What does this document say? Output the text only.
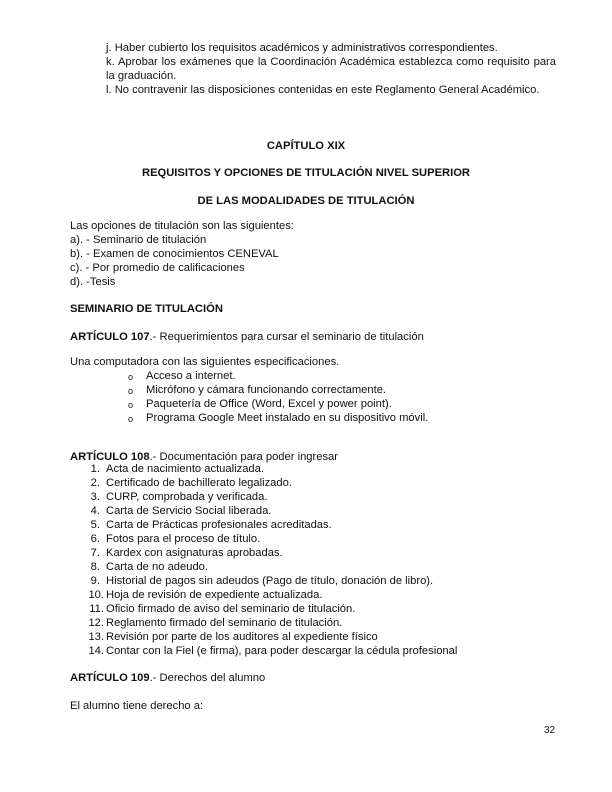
j. Haber cubierto los requisitos académicos y administrativos correspondientes.
k. Aprobar los exámenes que la Coordinación Académica establezca como requisito para la graduación.
l. No contravenir las disposiciones contenidas en este Reglamento General Académico.
CAPÍTULO XIX
REQUISITOS Y OPCIONES DE TITULACIÓN NIVEL SUPERIOR
DE LAS MODALIDADES DE TITULACIÓN
Las opciones de titulación son las siguientes:
a). - Seminario de titulación
b). - Examen de conocimientos CENEVAL
c). - Por promedio de calificaciones
d). -Tesis
SEMINARIO DE TITULACIÓN
ARTÍCULO 107.- Requerimientos para cursar el seminario de titulación
Una computadora con las siguientes especificaciones.
o Acceso a internet.
o Micrófono y cámara funcionando correctamente.
o Paquetería de Office (Word, Excel y power point).
o Programa Google Meet instalado en su dispositivo móvil.
ARTÍCULO 108.- Documentación para poder ingresar
1. Acta de nacimiento actualizada.
2. Certificado de bachillerato legalizado.
3. CURP, comprobada y verificada.
4. Carta de Servicio Social liberada.
5. Carta de Prácticas profesionales acreditadas.
6. Fotos para el proceso de título.
7. Kardex con asignaturas aprobadas.
8. Carta de no adeudo.
9. Historial de pagos sin adeudos (Pago de título, donación de libro).
10. Hoja de revisión de expediente actualizada.
11. Oficio firmado de aviso del seminario de titulación.
12. Reglamento firmado del seminario de titulación.
13. Revisión por parte de los auditores al expediente físico
14. Contar con la Fiel (e firma), para poder descargar la cédula profesional
ARTÍCULO 109.- Derechos del alumno
El alumno tiene derecho a:
32
